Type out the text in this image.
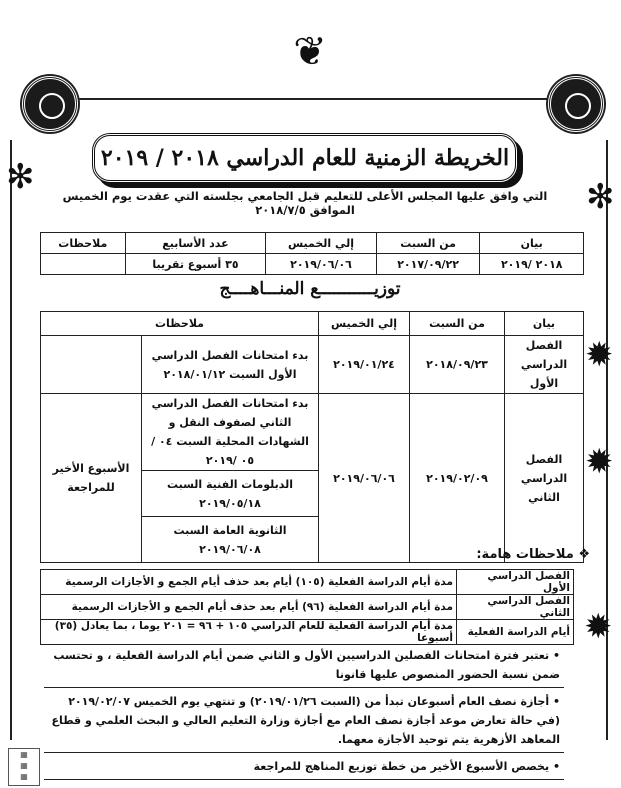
❦
✻	✻
✹
✹
✹
الخريطة الزمنية للعام الدراسي ٢٠١٨ / ٢٠١٩
التي وافق عليها المجلس الأعلى للتعليم قبل الجامعي بجلسته التي عقدت يوم الخميس الموافق ٢٠١٨/٧/٥
بيان	من السبت	إلي الخميس	عدد الأسابيع	ملاحظات
٢٠١٨ /٢٠١٩	٢٠١٧/٠٩/٢٢	٢٠١٩/٠٦/٠٦	٣٥ أسبوع تقريبا	
توزيـــــــــــع المنـــاهــــج
بيان	من السبت	إلي الخميس	ملاحظات	
الفصل الدراسي الأول	٢٠١٨/٠٩/٢٣	٢٠١٩/٠١/٢٤	بدء امتحانات الفصل الدراسي الأول السبت ٢٠١٨/٠١/١٢	
الفصل الدراسي الثاني	٢٠١٩/٠٢/٠٩	٢٠١٩/٠٦/٠٦	بدء امتحانات الفصل الدراسي الثاني لصفوف النقل و الشهادات المحلية السبت ٠٤ /٠٥ /٢٠١٩	الأسبوع الأخير للمراجعة
			الدبلومات الفنية السبت ٢٠١٩/٠٥/١٨	
			الثانوية العامة السبت ٢٠١٩/٠٦/٠٨		❖ ملاحظات هامة:
الفصل الدراسي الأول	مدة أيام الدراسة الفعلية (١٠٥) أيام بعد حذف أيام الجمع و الأجازات الرسمية
الفصل الدراسي الثاني	مدة أيام الدراسة الفعلية (٩٦) أيام بعد حذف أيام الجمع و الأجازات الرسمية
أيام الدراسة الفعلية	مدة أيام الدراسة الفعلية للعام الدراسي ١٠٥ + ٩٦ = ٢٠١ يوما ، بما يعادل (٣٥) أسبوعا
• تعتبر فترة امتحانات الفصلين الدراسيين الأول و الثاني ضمن أيام الدراسة الفعلية ، و تحتسب ضمن نسبة الحضور المنصوص عليها قانونا
• أجازة نصف العام أسبوعان تبدأ من (السبت ٢٠١٩/٠١/٢٦) و تنتهي يوم الخميس ٢٠١٩/٠٢/٠٧ (في حالة تعارض موعد أجازة نصف العام مع أجازة وزارة التعليم العالي و البحث العلمي و قطاع المعاهد الأزهرية يتم توحيد الأجازة معهما.
• يخصص الأسبوع الأخير من خطة توزيع المناهج للمراجعة
▦
▦
▦
